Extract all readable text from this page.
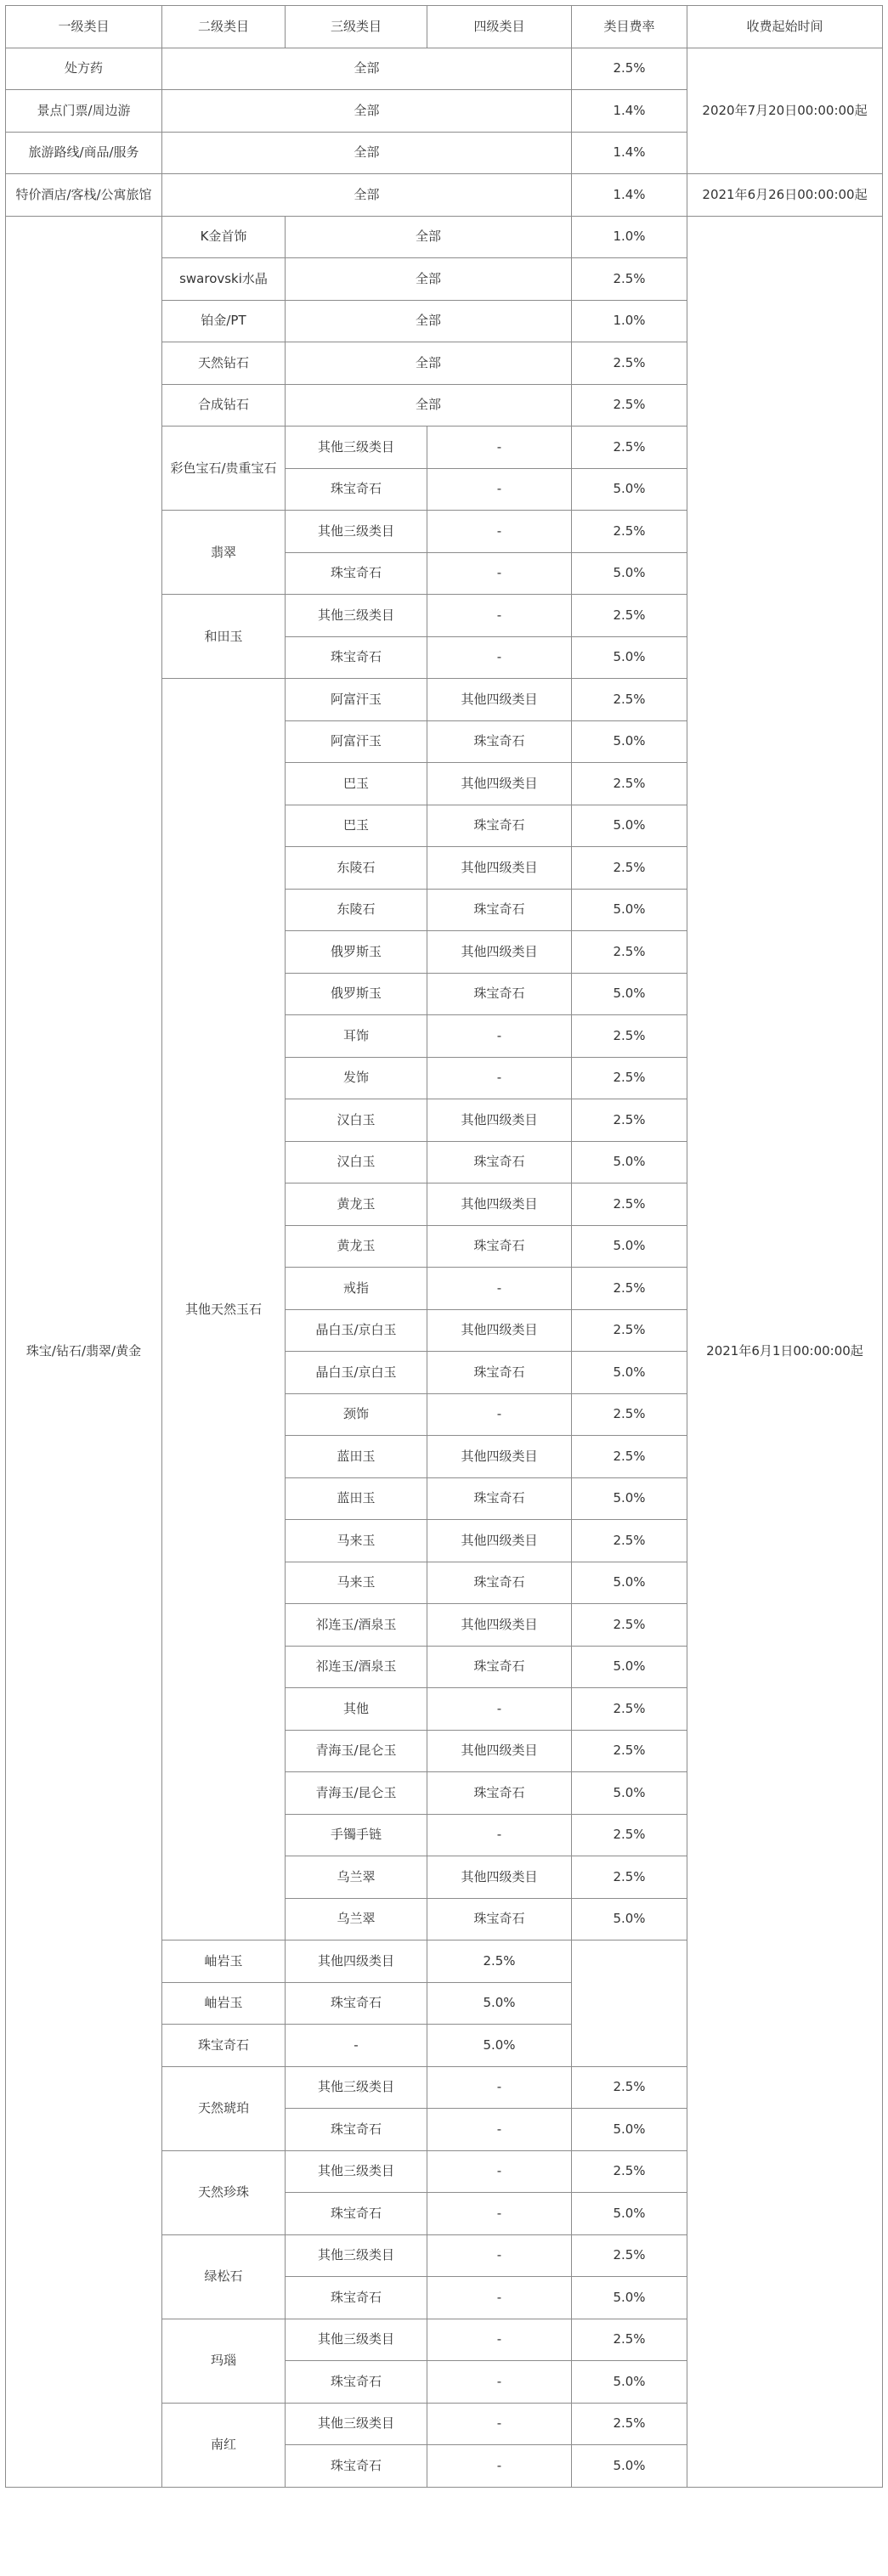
一级类目	二级类目	三级类目	四级类目	类目费率	收费起始时间
处方药	全部			2.5%	2020年7月20日00:00:00起
景点门票/周边游	全部			1.4%	
旅游路线/商品/服务	全部			1.4%	
特价酒店/客栈/公寓旅馆	全部			1.4%	2021年6月26日00:00:00起
珠宝/钻石/翡翠/黄金	K金首饰	全部		1.0%	2021年6月1日00:00:00起
	swarovski水晶	全部		2.5%	
	铂金/PT	全部		1.0%	
	天然钻石	全部		2.5%	
	合成钻石	全部		2.5%	
	彩色宝石/贵重宝石	其他三级类目	-	2.5%	
		珠宝奇石	-	5.0%	
	翡翠	其他三级类目	-	2.5%	
		珠宝奇石	-	5.0%	
	和田玉	其他三级类目	-	2.5%	
		珠宝奇石	-	5.0%	
	其他天然玉石	阿富汗玉	其他四级类目	2.5%	
		阿富汗玉	珠宝奇石	5.0%	
		巴玉	其他四级类目	2.5%	
		巴玉	珠宝奇石	5.0%	
		东陵石	其他四级类目	2.5%	
		东陵石	珠宝奇石	5.0%	
		俄罗斯玉	其他四级类目	2.5%	
		俄罗斯玉	珠宝奇石	5.0%	
		耳饰	-	2.5%	
		发饰	-	2.5%	
		汉白玉	其他四级类目	2.5%	
		汉白玉	珠宝奇石	5.0%	
		黄龙玉	其他四级类目	2.5%	
		黄龙玉	珠宝奇石	5.0%	
		戒指	-	2.5%	
		晶白玉/京白玉	其他四级类目	2.5%	
		晶白玉/京白玉	珠宝奇石	5.0%	
		颈饰	-	2.5%	
		蓝田玉	其他四级类目	2.5%	
		蓝田玉	珠宝奇石	5.0%	
		马来玉	其他四级类目	2.5%	
		马来玉	珠宝奇石	5.0%	
		祁连玉/酒泉玉	其他四级类目	2.5%	
		祁连玉/酒泉玉	珠宝奇石	5.0%	
		其他	-	2.5%	
		青海玉/昆仑玉	其他四级类目	2.5%	
		青海玉/昆仑玉	珠宝奇石	5.0%	
		手镯手链	-	2.5%	
		乌兰翠	其他四级类目	2.5%	
		乌兰翠	珠宝奇石	5.0%	
	岫岩玉	其他四级类目	2.5%		
	岫岩玉	珠宝奇石	5.0%		
	珠宝奇石	-	5.0%		
	天然琥珀	其他三级类目	-	2.5%	
		珠宝奇石	-	5.0%	
	天然珍珠	其他三级类目	-	2.5%	
		珠宝奇石	-	5.0%	
	绿松石	其他三级类目	-	2.5%	
		珠宝奇石	-	5.0%	
	玛瑙	其他三级类目	-	2.5%	
		珠宝奇石	-	5.0%	
	南红	其他三级类目	-	2.5%	
		珠宝奇石	-	5.0%	
